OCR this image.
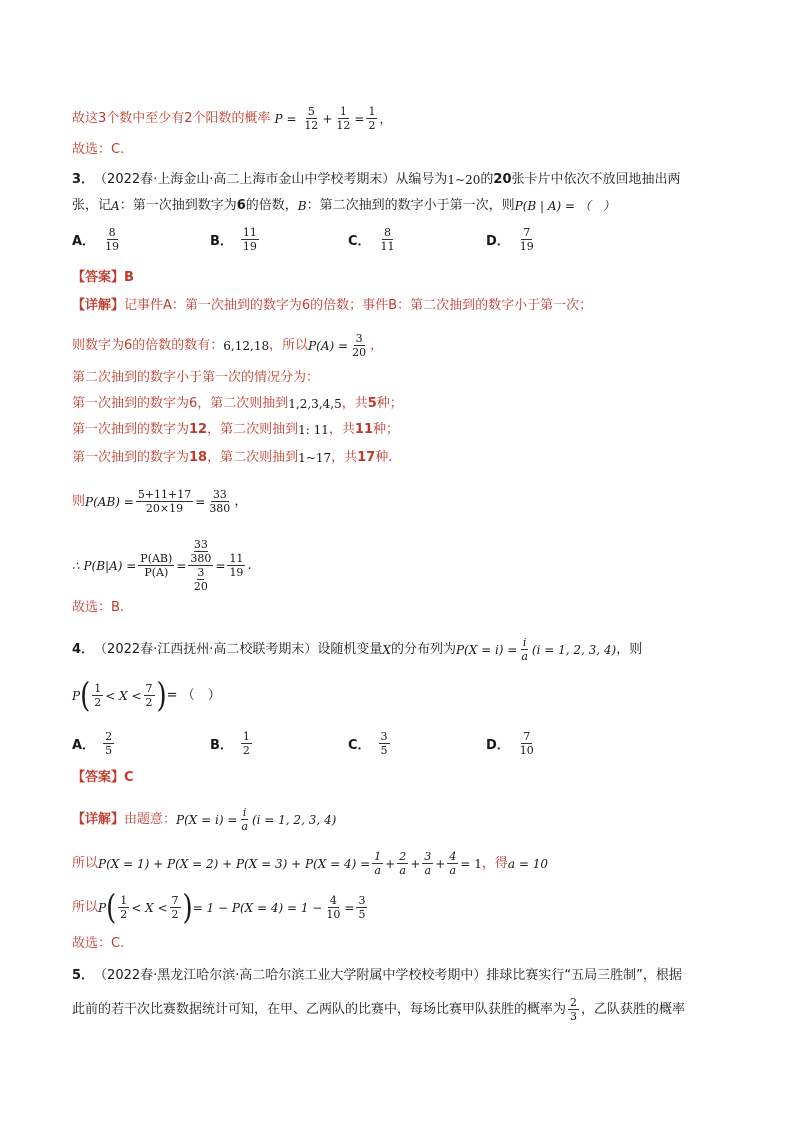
故这3个数中至少有2个阳数的概率 $P = \frac{5}{12} + \frac{1}{12} = \frac{1}{2}$ ，
故选：C.
3． （2022春·上海金山·高二上海市金山中学校考期末） 从编号为 1~20 的 20 张卡片中依次不放回地抽出两
张，记 A ：第一次抽到数字为 6 的倍数， B ：第二次抽到的数字小于第一次，则 P(B | A) = （　）
A． $\frac{8}{19}$	B． $\frac{11}{19}$	C． $\frac{8}{11}$	D． $\frac{7}{19}$
【答案】 B
【详解】 记事件A：第一次抽到的数字为6的倍数；事件B：第二次抽到的数字小于第一次；
则数字为6的倍数的数有： 6,12,18 ，所以 $P(A) = \frac{3}{20}$ ，
第二次抽到的数字小于第一次的情况分为：
第一次抽到的数字为6，第二次则抽到 1,2,3,4,5 ，共 5 种；
第一次抽到的数字为 12 ，第二次则抽到 1: 11 ，共 11 种；
第一次抽到的数字为 18 ，第二次则抽到 1~17 ，共 17 种.
则 $P(AB) = \frac{5+11+17}{20\times 19} = \frac{33}{380}$ ，
∴ $P(B|A) = \frac{P(AB)}{P(A)} = \frac{\frac{33}{380}}{\frac{3}{20}} = \frac{11}{19}$ .
故选：B.
4． （2022春·江西抚州·高二校联考期末） 设随机变量 X 的分布列为 $P(X = i) = \frac{i}{a} (i = 1$, 2, 3, 4) ，则
P ( $\frac{1}{2} < X < \frac{7}{2}$ ) = （　）
A． $\frac{2}{5}$	B． $\frac{1}{2}$	C． $\frac{3}{5}$	D． $\frac{7}{10}$
【答案】 C
【详解】 由题意： $P(X = i) = \frac{i}{a} (i = 1$, 2, 3, 4)
所以 $P(X = 1) + P(X = 2) + P(X = 3) + P(X = 4) = \frac{1}{a} + \frac{2}{a} + \frac{3}{a} + \frac{4}{a} = 1$ ，得 a = 10
所以 P ( $\frac{1}{2} < X < \frac{7}{2}$ ) = $1 - P(X = 4) = 1 - \frac{4}{10} = \frac{3}{5}$
故选：C.
5． （2022春·黑龙江哈尔滨·高二哈尔滨工业大学附属中学校校考期中） 排球比赛实行“五局三胜制”，根据
此前的若干次比赛数据统计可知，在甲、乙两队的比赛中，每场比赛甲队获胜的概率为 $\frac{2}{3}$ ，乙队获胜的概率
